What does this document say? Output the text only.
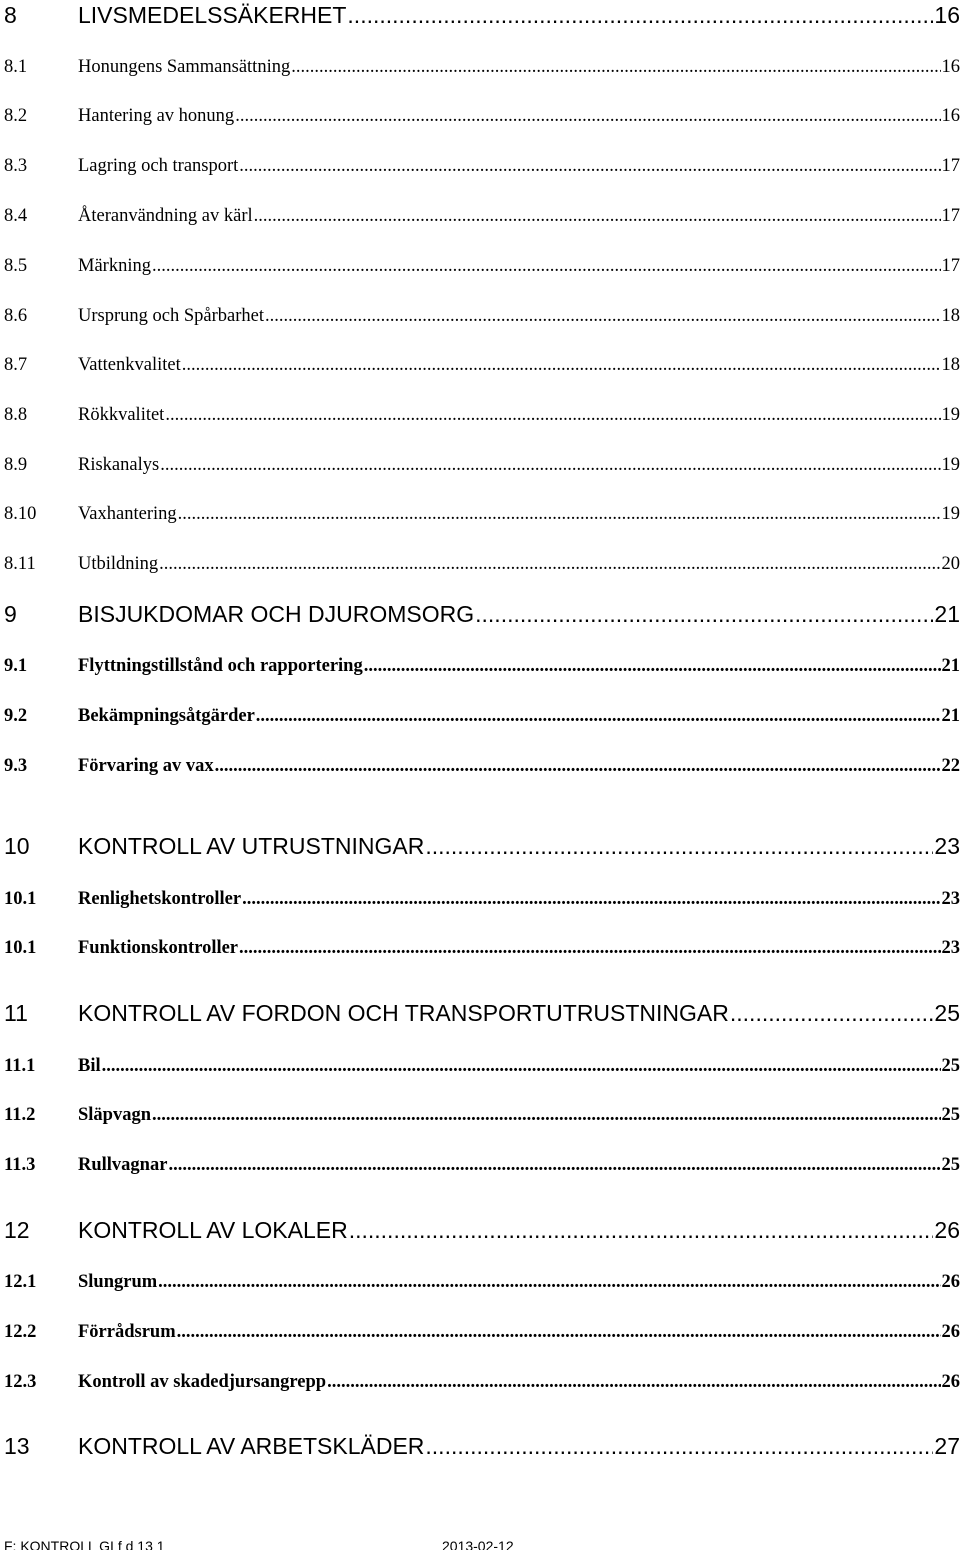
8	LIVSMEDELSSÄKERHET .....	16
8.1	Honungens Sammansättning .....	16
8.2	Hantering av honung .....	16
8.3	Lagring och transport .....	17
8.4	Återanvändning av kärl .....	17
8.5	Märkning .....	17
8.6	Ursprung och Spårbarhet .....	18
8.7	Vattenkvalitet .....	18
8.8	Rökkvalitet .....	19
8.9	Riskanalys .....	19
8.10	Vaxhantering .....	19
8.11	Utbildning .....	20
9	BISJUKDOMAR OCH DJUROMSORG .....	21
9.1	Flyttningstillstånd och rapportering .....	21
9.2	Bekämpningsåtgärder .....	21
9.3	Förvaring av vax .....	22
10	KONTROLL AV UTRUSTNINGAR .....	23
10.1	Renlighetskontroller .....	23
10.1	Funktionskontroller .....	23
11	KONTROLL AV FORDON OCH TRANSPORTUTRUSTNINGAR .....	25
11.1	Bil .....	25
11.2	Släpvagn .....	25
11.3	Rullvagnar .....	25
12	KONTROLL AV LOKALER .....	26
12.1	Slungrum .....	26
12.2	Förrådsrum .....	26
12.3	Kontroll av skadedjursangrepp .....	26
13	KONTROLL AV ARBETSKLÄDER .....	27
F: KONTROLL GI f d 13 1	2013-02-12
